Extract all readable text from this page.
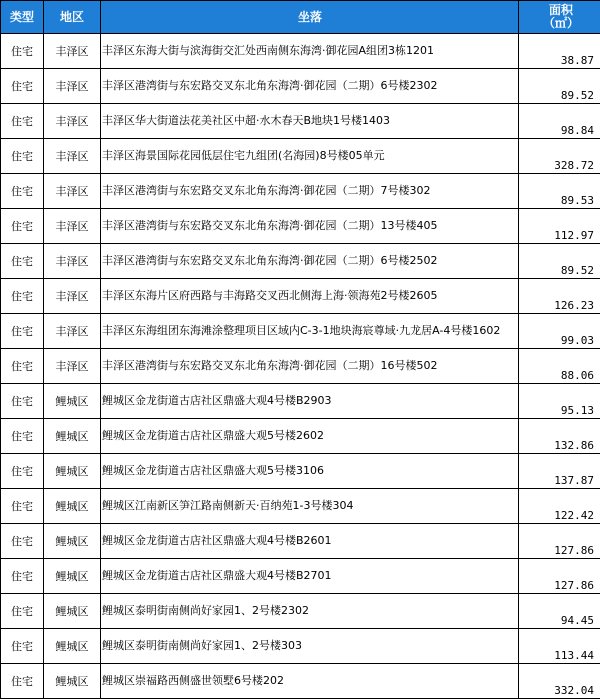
类型	地区	坐落	面积
（㎡）

住宅	丰泽区	丰泽区东海大街与滨海街交汇处西南侧东海湾·御花园A组团3栋1201	38.87
住宅	丰泽区	丰泽区港湾街与东宏路交叉东北角东海湾·御花园（二期）6号楼2302	89.52
住宅	丰泽区	丰泽区华大街道法花美社区中超·水木春天B地块1号楼1403	98.84
住宅	丰泽区	丰泽区海景国际花园低层住宅九组团(名海园)8号楼05单元	328.72
住宅	丰泽区	丰泽区港湾街与东宏路交叉东北角东海湾·御花园（二期）7号楼302	89.53
住宅	丰泽区	丰泽区港湾街与东宏路交叉东北角东海湾·御花园（二期）13号楼405	112.97
住宅	丰泽区	丰泽区港湾街与东宏路交叉东北角东海湾·御花园（二期）6号楼2502	89.52
住宅	丰泽区	丰泽区东海片区府西路与丰海路交叉西北侧海上海·领海苑2号楼2605	126.23
住宅	丰泽区	丰泽区东海组团东海滩涂整理项目区域内C-3-1地块海宸尊域·九龙居A-4号楼1602	99.03
住宅	丰泽区	丰泽区港湾街与东宏路交叉东北角东海湾·御花园（二期）16号楼502	88.06
住宅	鲤城区	鲤城区金龙街道古店社区鼎盛大观4号楼B2903	95.13
住宅	鲤城区	鲤城区金龙街道古店社区鼎盛大观5号楼2602	132.86
住宅	鲤城区	鲤城区金龙街道古店社区鼎盛大观5号楼3106	137.87
住宅	鲤城区	鲤城区江南新区笋江路南侧新天·百纳苑1-3号楼304	122.42
住宅	鲤城区	鲤城区金龙街道古店社区鼎盛大观4号楼B2601	127.86
住宅	鲤城区	鲤城区金龙街道古店社区鼎盛大观4号楼B2701	127.86
住宅	鲤城区	鲤城区泰明街南侧尚好家园1、2号楼2302	94.45
住宅	鲤城区	鲤城区泰明街南侧尚好家园1、2号楼303	113.44
住宅	鲤城区	鲤城区崇福路西侧盛世领墅6号楼202	332.04
